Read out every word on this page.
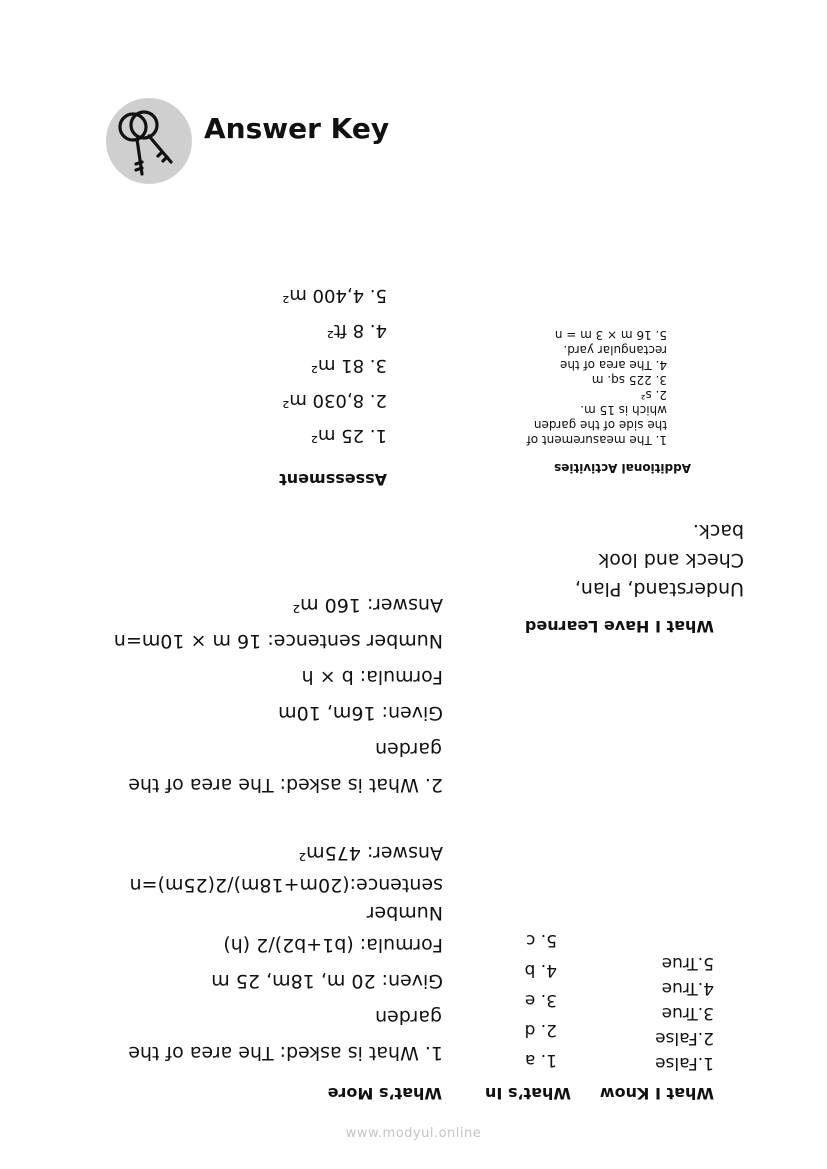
Answer Key
What I Know
1.False
2.False
3.True
4.True
5.True
What’s In
1. a
2. d
3. e
4. b
5. c
What’s More
1. What is asked: The area of the
garden
Given: 20 m, 18m, 25 m
Formula: (b1+b2)/2 (h)
Number
sentence:(20m+18m)/2(25m)=n
Answer: 475m²
2. What is asked: The area of the
garden
Given: 16m, 10m
Formula: b × h
Number sentence: 16 m × 10m=n
Answer: 160 m²
What I Have Learned
Understand, Plan,
Check and look
back.
Assessment
1. 25 m²
2. 8,030 m²
3. 81 m²
4. 8 ft²
5. 4,400 m²
Additional Activities
1. The measurement of
the side of the garden
which is 15 m.
2. s²
3. 225 sq. m
4. The area of the
rectangular yard.
5. 16 m × 3 m = n
www.modyul.online
